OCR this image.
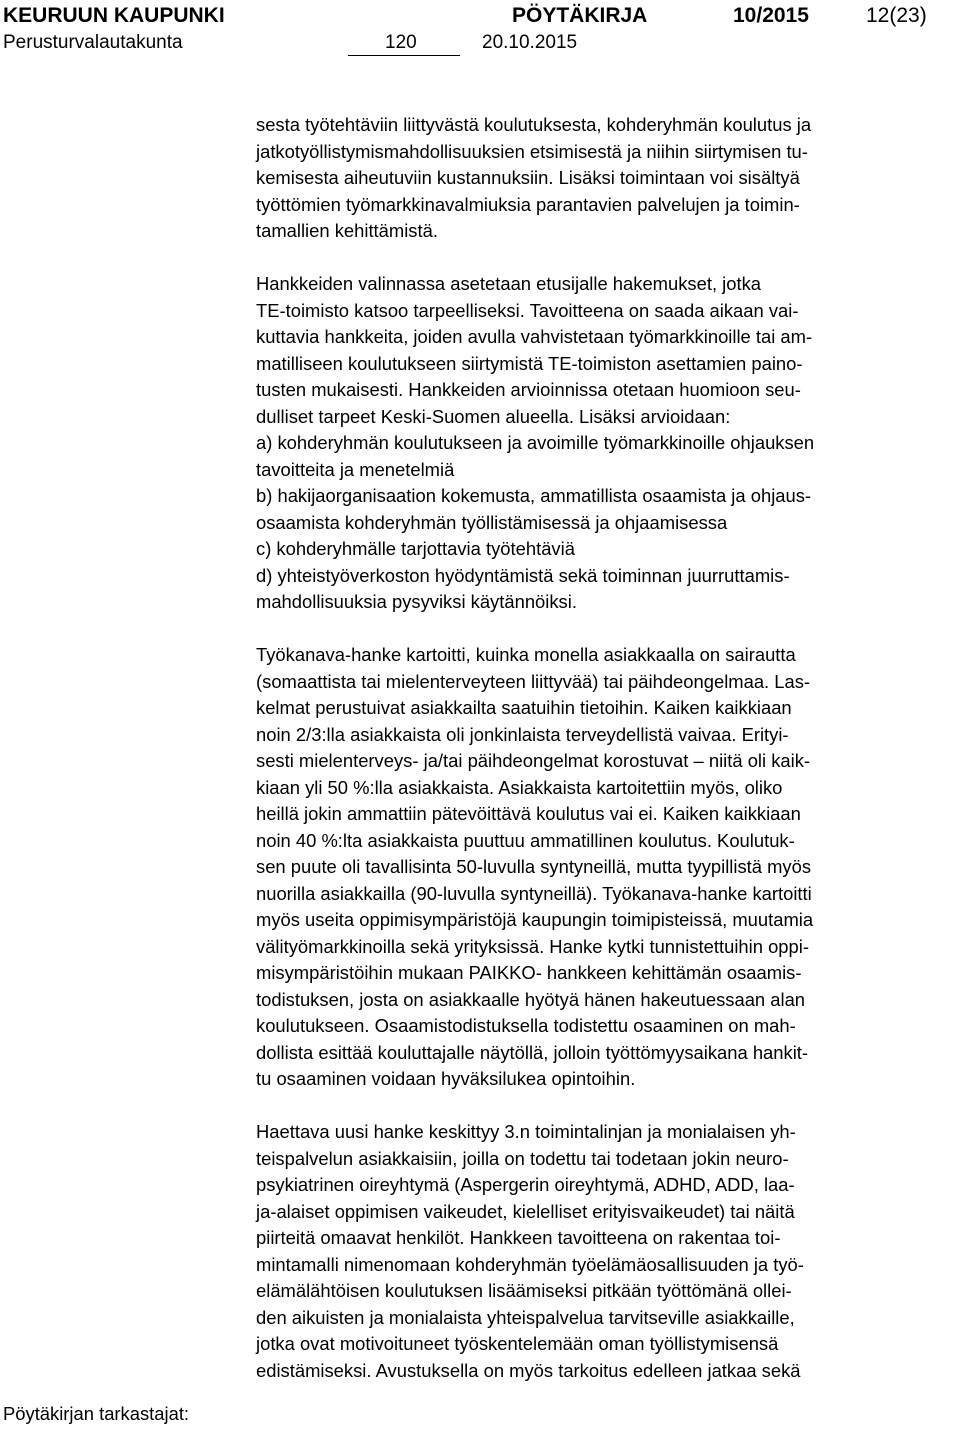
KEURUUN KAUPUNKI	PÖYTÄKIRJA	10/2015	12(23)
Perusturvalautakunta	120	20.10.2015

sesta työtehtäviin liittyvästä koulutuksesta, kohderyhmän koulutus ja
jatkotyöllistymismahdollisuuksien etsimisestä ja niihin siirtymisen tu-
kemisesta aiheutuviin kustannuksiin. Lisäksi toimintaan voi sisältyä
työttömien työmarkkinavalmiuksia parantavien palvelujen ja toimin-
tamallien kehittämistä.

Hankkeiden valinnassa asetetaan etusijalle hakemukset, jotka
TE-toimisto katsoo tarpeelliseksi. Tavoitteena on saada aikaan vai-
kuttavia hankkeita, joiden avulla vahvistetaan työmarkkinoille tai am-
matilliseen koulutukseen siirtymistä TE-toimiston asettamien paino-
tusten mukaisesti. Hankkeiden arvioinnissa otetaan huomioon seu-
dulliset tarpeet Keski-Suomen alueella. Lisäksi arvioidaan:
a) kohderyhmän koulutukseen ja avoimille työmarkkinoille ohjauksen
tavoitteita ja menetelmiä
b) hakijaorganisaation kokemusta, ammatillista osaamista ja ohjaus-
osaamista kohderyhmän työllistämisessä ja ohjaamisessa
c) kohderyhmälle tarjottavia työtehtäviä
d) yhteistyöverkoston hyödyntämistä sekä toiminnan juurruttamis-
mahdollisuuksia pysyviksi käytännöiksi.

Työkanava-hanke kartoitti, kuinka monella asiakkaalla on sairautta
(somaattista tai mielenterveyteen liittyvää) tai päihdeongelmaa. Las-
kelmat perustuivat asiakkailta saatuihin tietoihin. Kaiken kaikkiaan
noin 2/3:lla asiakkaista oli jonkinlaista terveydellistä vaivaa. Erityi-
sesti mielenterveys- ja/tai päihdeongelmat korostuvat – niitä oli kaik-
kiaan yli 50 %:lla asiakkaista. Asiakkaista kartoitettiin myös, oliko
heillä jokin ammattiin pätevöittävä koulutus vai ei. Kaiken kaikkiaan
noin 40 %:lta asiakkaista puuttuu ammatillinen koulutus. Koulutuk-
sen puute oli tavallisinta 50-luvulla syntyneillä, mutta tyypillistä myös
nuorilla asiakkailla (90-luvulla syntyneillä). Työkanava-hanke kartoitti
myös useita oppimisympäristöjä kaupungin toimipisteissä, muutamia
välityömarkkinoilla sekä yrityksissä. Hanke kytki tunnistettuihin oppi-
misympäristöihin mukaan PAIKKO- hankkeen kehittämän osaamis-
todistuksen, josta on asiakkaalle hyötyä hänen hakeutuessaan alan
koulutukseen. Osaamistodistuksella todistettu osaaminen on mah-
dollista esittää kouluttajalle näytöllä, jolloin työttömyysaikana hankit-
tu osaaminen voidaan hyväksilukea opintoihin.

Haettava uusi hanke keskittyy 3.n toimintalinjan ja monialaisen yh-
teispalvelun asiakkaisiin, joilla on todettu tai todetaan jokin neuro-
psykiatrinen oireyhtymä (Aspergerin oireyhtymä, ADHD, ADD, laa-
ja-alaiset oppimisen vaikeudet, kielelliset erityisvaikeudet) tai näitä
piirteitä omaavat henkilöt. Hankkeen tavoitteena on rakentaa toi-
mintamalli nimenomaan kohderyhmän työelämäosallisuuden ja työ-
elämälähtöisen koulutuksen lisäämiseksi pitkään työttömänä ollei-
den aikuisten ja monialaista yhteispalvelua tarvitseville asiakkaille,
jotka ovat motivoituneet työskentelemään oman työllistymisensä
edistämiseksi. Avustuksella on myös tarkoitus edelleen jatkaa sekä

Pöytäkirjan tarkastajat:
